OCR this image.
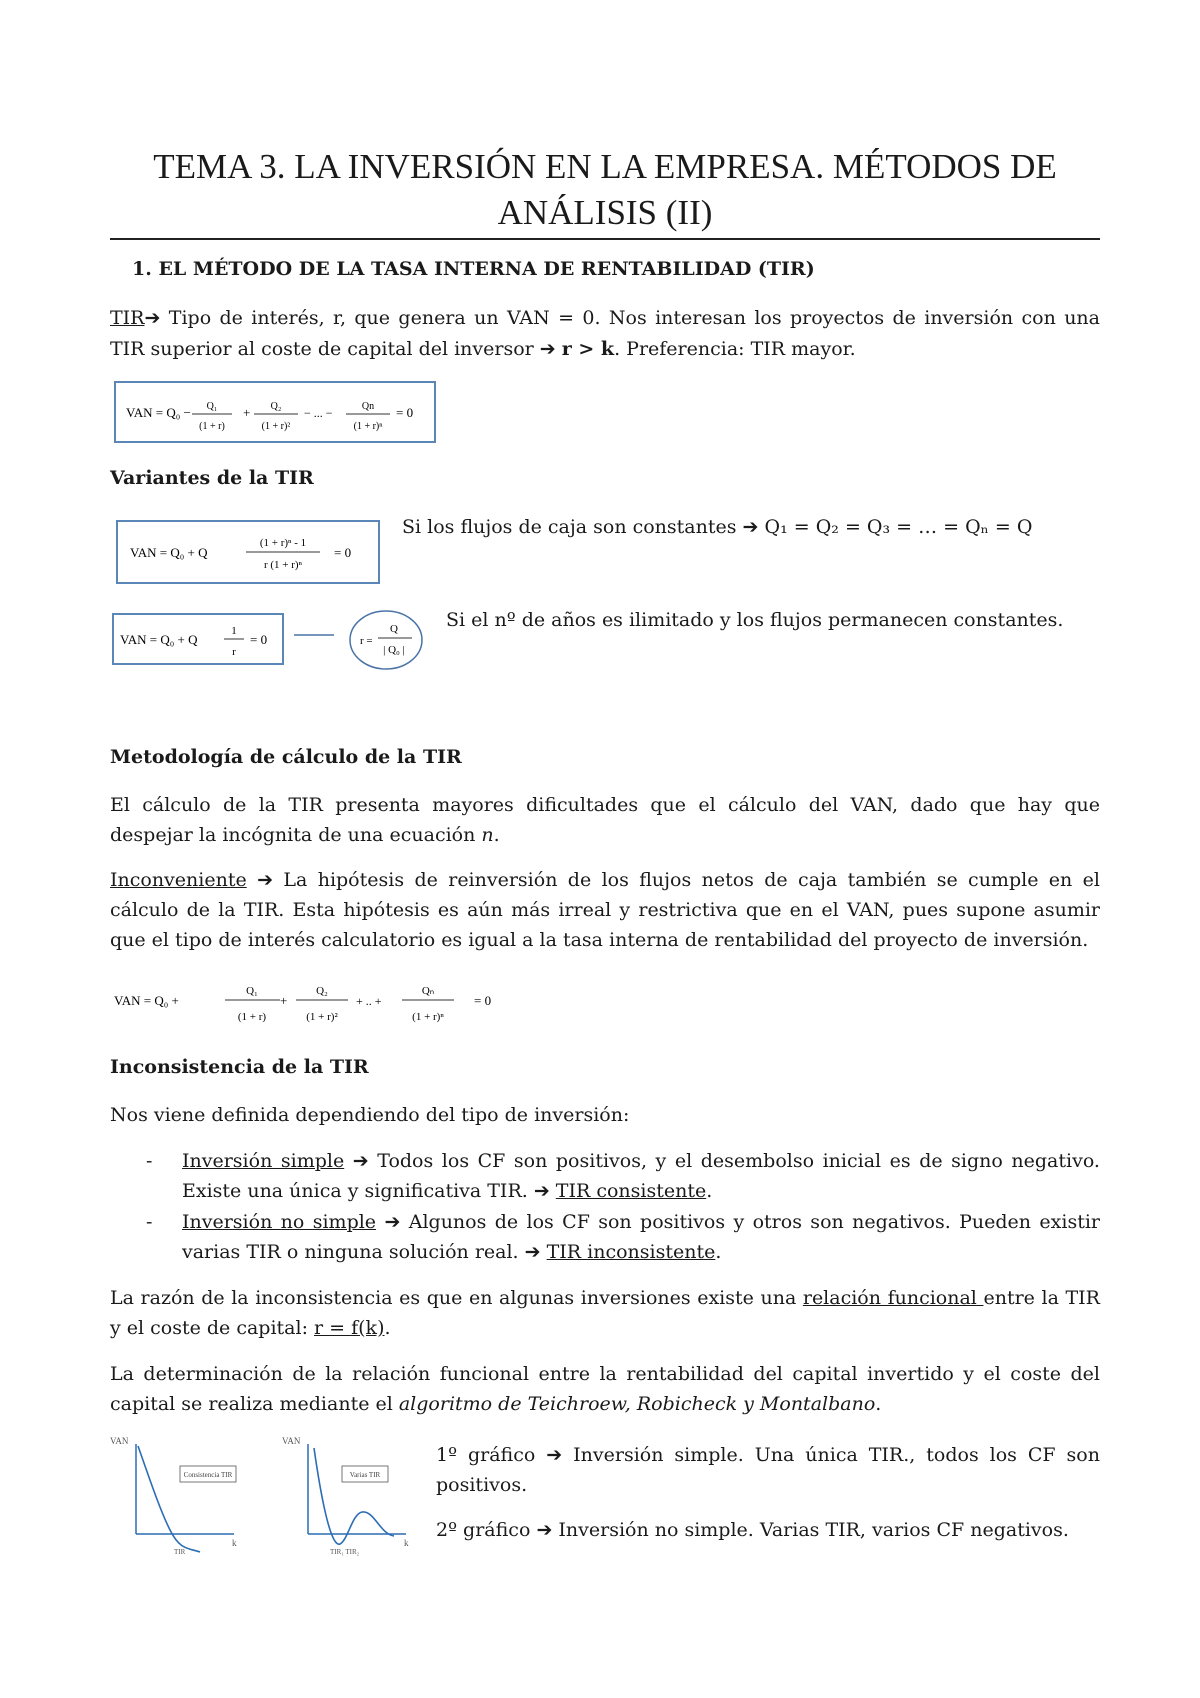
TEMA 3. LA INVERSIÓN EN LA EMPRESA. MÉTODOS DE
ANÁLISIS (II)
1. EL MÉTODO DE LA TASA INTERNA DE RENTABILIDAD (TIR)
TIR➔ Tipo de interés, r, que genera un VAN = 0. Nos interesan los proyectos de inversión con una
TIR superior al coste de capital del inversor ➔ r > k. Preferencia: TIR mayor.
VAN = Q₀ − Q₁
(1 + r)
+ Q₂
(1 + r)²
− ... −	Qn
(1 + r)ⁿ
= 0
Variantes de la TIR
VAN = Q₀ + Q
(1 + r)ⁿ - 1
r (1 + r)ⁿ
= 0
Si los flujos de caja son constantes ➔ Q₁ = Q₂ = Q₃ = … = Qₙ = Q
VAN = Q₀ + Q
1
r
= 0	r =
Q
| Q₀ |
Si el nº de años es ilimitado y los flujos permanecen constantes.
Metodología de cálculo de la TIR
El cálculo de la TIR presenta mayores dificultades que el cálculo del VAN, dado que hay que
despejar la incógnita de una ecuación n.
Inconveniente ➔ La hipótesis de reinversión de los flujos netos de caja también se cumple en el
cálculo de la TIR. Esta hipótesis es aún más irreal y restrictiva que en el VAN, pues supone asumir
que el tipo de interés calculatorio es igual a la tasa interna de rentabilidad del proyecto de inversión.
VAN = Q₀ +
Q₁
(1 + r)
+
Q₂
(1 + r)²
+ .. +
Qₙ
(1 + r)ⁿ
= 0
Inconsistencia de la TIR
Nos viene definida dependiendo del tipo de inversión:
- Inversión simple ➔ Todos los CF son positivos, y el desembolso inicial es de signo negativo.
Existe una única y significativa TIR. ➔ TIR consistente.
- Inversión no simple ➔ Algunos de los CF son positivos y otros son negativos. Pueden existir
varias TIR o ninguna solución real. ➔ TIR inconsistente.
La razón de la inconsistencia es que en algunas inversiones existe una relación funcional entre la TIR
y el coste de capital: r = f(k).
La determinación de la relación funcional entre la rentabilidad del capital invertido y el coste del
capital se realiza mediante el algoritmo de Teichroew, Robicheck y Montalbano.
VAN
Consistencia TIR
k
TIR
VAN
Varias TIR
k
TIR₁ TIR₂
1º gráfico ➔ Inversión simple. Una única TIR., todos los CF son
positivos.
2º gráfico ➔ Inversión no simple. Varias TIR, varios CF negativos.
